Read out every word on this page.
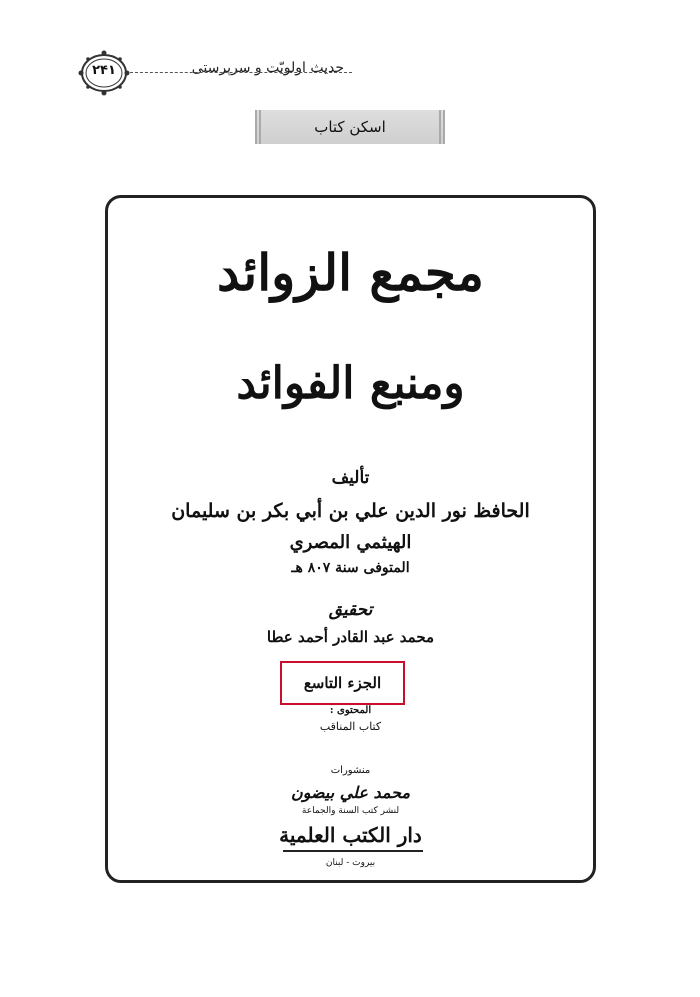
حدیث اولویّت و سرپرستی
۲۴۱
اسکن کتاب
مجمع الزوائد
ومنبع الفوائد
تأليف
الحافظ نور الدين علي بن أبي بكر بن سليمان
الهيثمي المصري
المتوفى سنة ٨٠٧ هـ
تحقيق
محمد عبد القادر أحمد عطا
الجزء التاسع
المحتوى :
كتاب المناقب
منشورات
محمد علي بيضون
لنشر كتب السنة والجماعة
دار الكتب العلمية
بيروت - لبنان
